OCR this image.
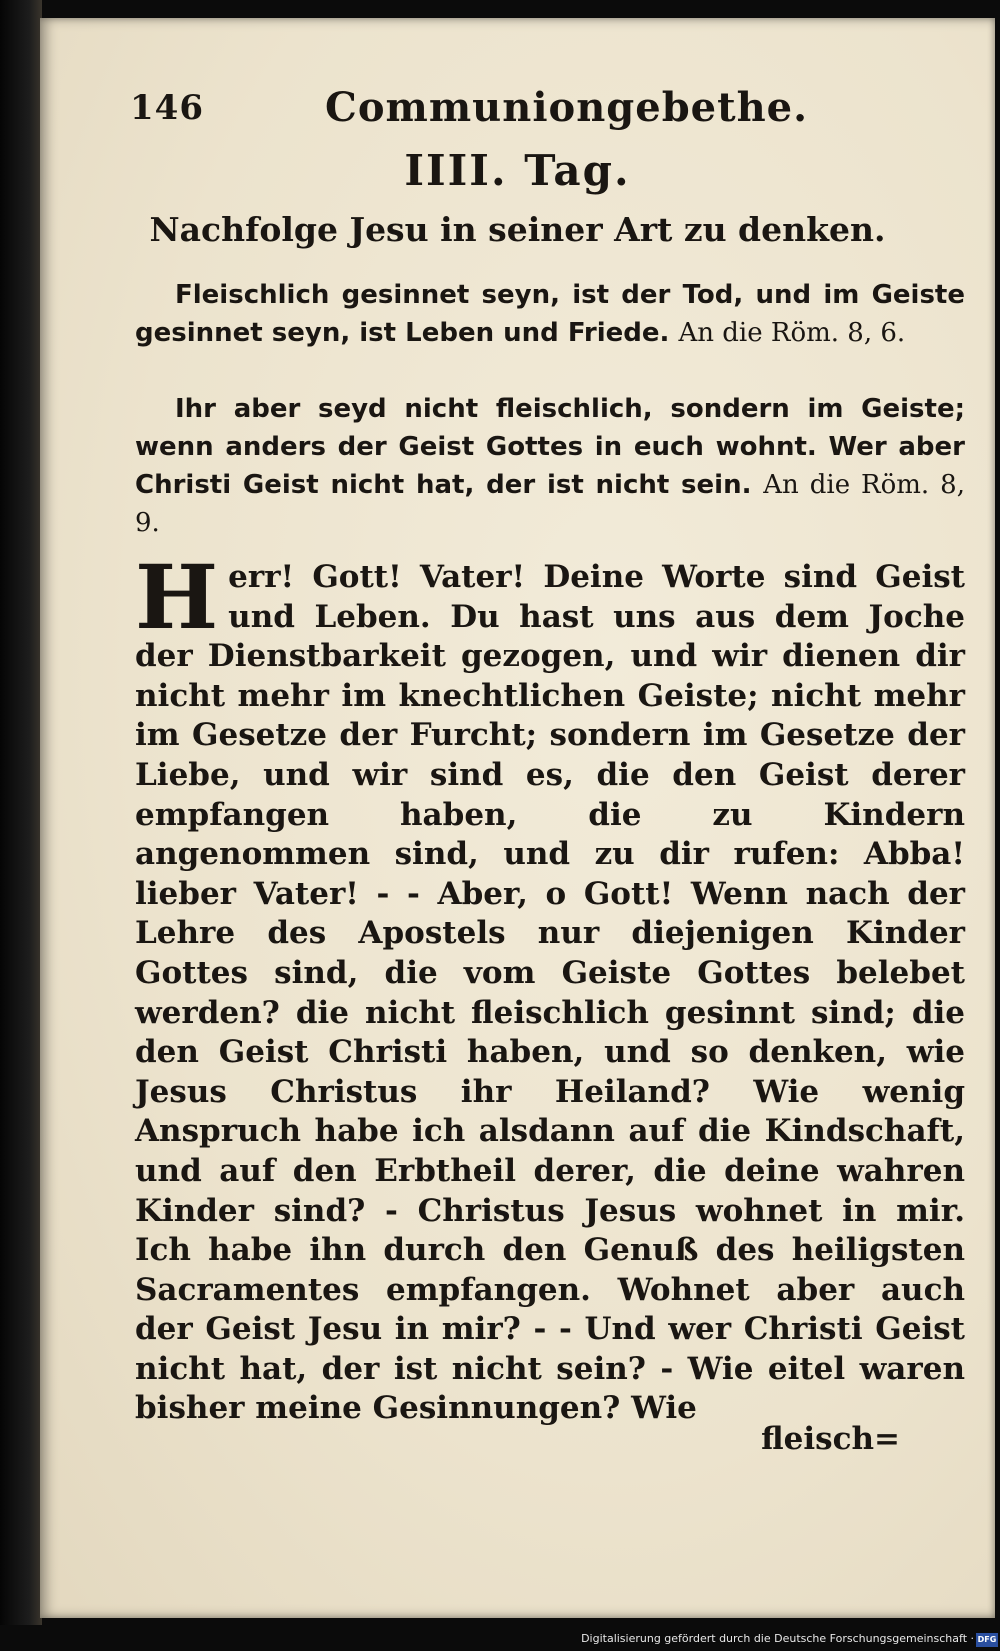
146	Communiongebethe.
IIII. Tag.
Nachfolge Jesu in seiner Art zu denken.
Fleischlich gesinnet seyn, ist der Tod, und im Geiste gesinnet seyn, ist Leben und Friede. An die Röm. 8, 6.
Ihr aber seyd nicht fleischlich, sondern im Geiste; wenn anders der Geist Gottes in euch wohnt. Wer aber Christi Geist nicht hat, der ist nicht sein. An die Röm. 8, 9.
Herr! Gott! Vater! Deine Worte sind Geist und Leben. Du hast uns aus dem Joche der Dienstbarkeit gezogen, und wir dienen dir nicht mehr im knechtlichen Geiste; nicht mehr im Gesetze der Furcht; sondern im Gesetze der Liebe, und wir sind es, die den Geist derer empfangen haben, die zu Kindern angenommen sind, und zu dir rufen: Abba! lieber Vater! - - Aber, o Gott! Wenn nach der Lehre des Apostels nur diejenigen Kinder Gottes sind, die vom Geiste Gottes belebet werden? die nicht fleischlich gesinnt sind; die den Geist Christi haben, und so denken, wie Jesus Christus ihr Heiland? Wie wenig Anspruch habe ich alsdann auf die Kindschaft, und auf den Erbtheil derer, die deine wahren Kinder sind? - Christus Jesus wohnet in mir. Ich habe ihn durch den Genuß des heiligsten Sacramentes empfangen. Wohnet aber auch der Geist Jesu in mir? - - Und wer Christi Geist nicht hat, der ist nicht sein? - Wie eitel waren bisher meine Gesinnungen? Wie
fleisch=
Digitalisierung gefördert durch die Deutsche Forschungsgemeinschaft · DFG
